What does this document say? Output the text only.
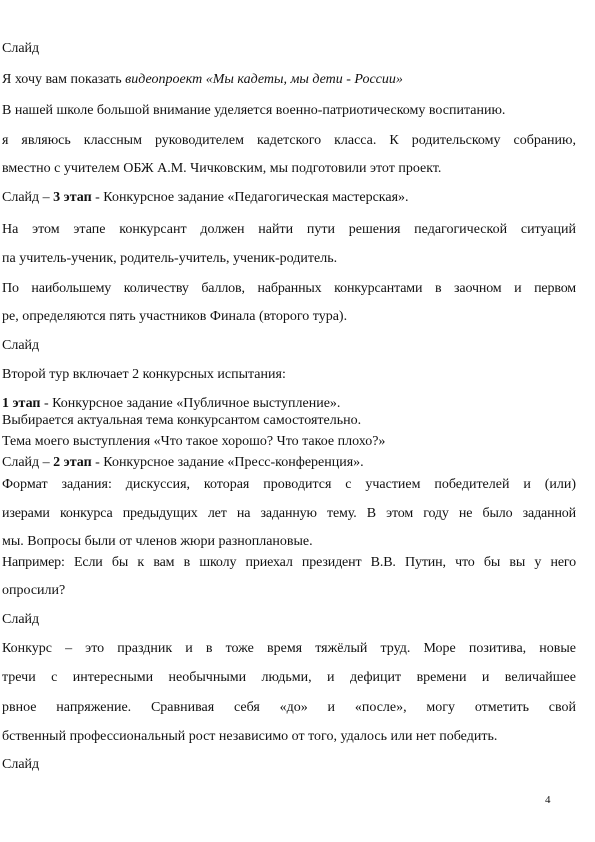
Слайд
Я хочу вам показать видеопроект «Мы кадеты, мы дети - России»
В нашей школе большой внимание уделяется военно-патриотическому воспитанию.
я являюсь классным руководителем кадетского класса. К родительскому собранию,
вместно с учителем ОБЖ А.М. Чичковским, мы подготовили этот проект.
Слайд – 3 этап - Конкурсное задание «Педагогическая мастерская».
На этом этапе конкурсант должен найти пути решения педагогической ситуаций
па учитель-ученик, родитель-учитель, ученик-родитель.
По наибольшему количеству баллов, набранных конкурсантами в заочном и первом
ре, определяются пять участников Финала (второго тура).
Слайд
Второй тур включает 2 конкурсных испытания:
1 этап - Конкурсное задание «Публичное выступление».
Выбирается актуальная тема конкурсантом самостоятельно.
Тема моего выступления «Что такое хорошо? Что такое плохо?»
Слайд – 2 этап - Конкурсное задание «Пресс-конференция».
Формат задания: дискуссия, которая проводится с участием победителей и (или)
изерами конкурса предыдущих лет на заданную тему. В этом году не было заданной
мы. Вопросы были от членов жюри разноплановые.
Например: Если бы к вам в школу приехал президент В.В. Путин, что бы вы у него
опросили?
Слайд
Конкурс – это праздник и в тоже время тяжёлый труд. Море позитива, новые
тречи с интересными необычными людьми, и дефицит времени и величайшее
рвное напряжение. Сравнивая себя «до» и «после», могу отметить свой
бственный профессиональный рост независимо от того, удалось или нет победить.
Слайд
4
